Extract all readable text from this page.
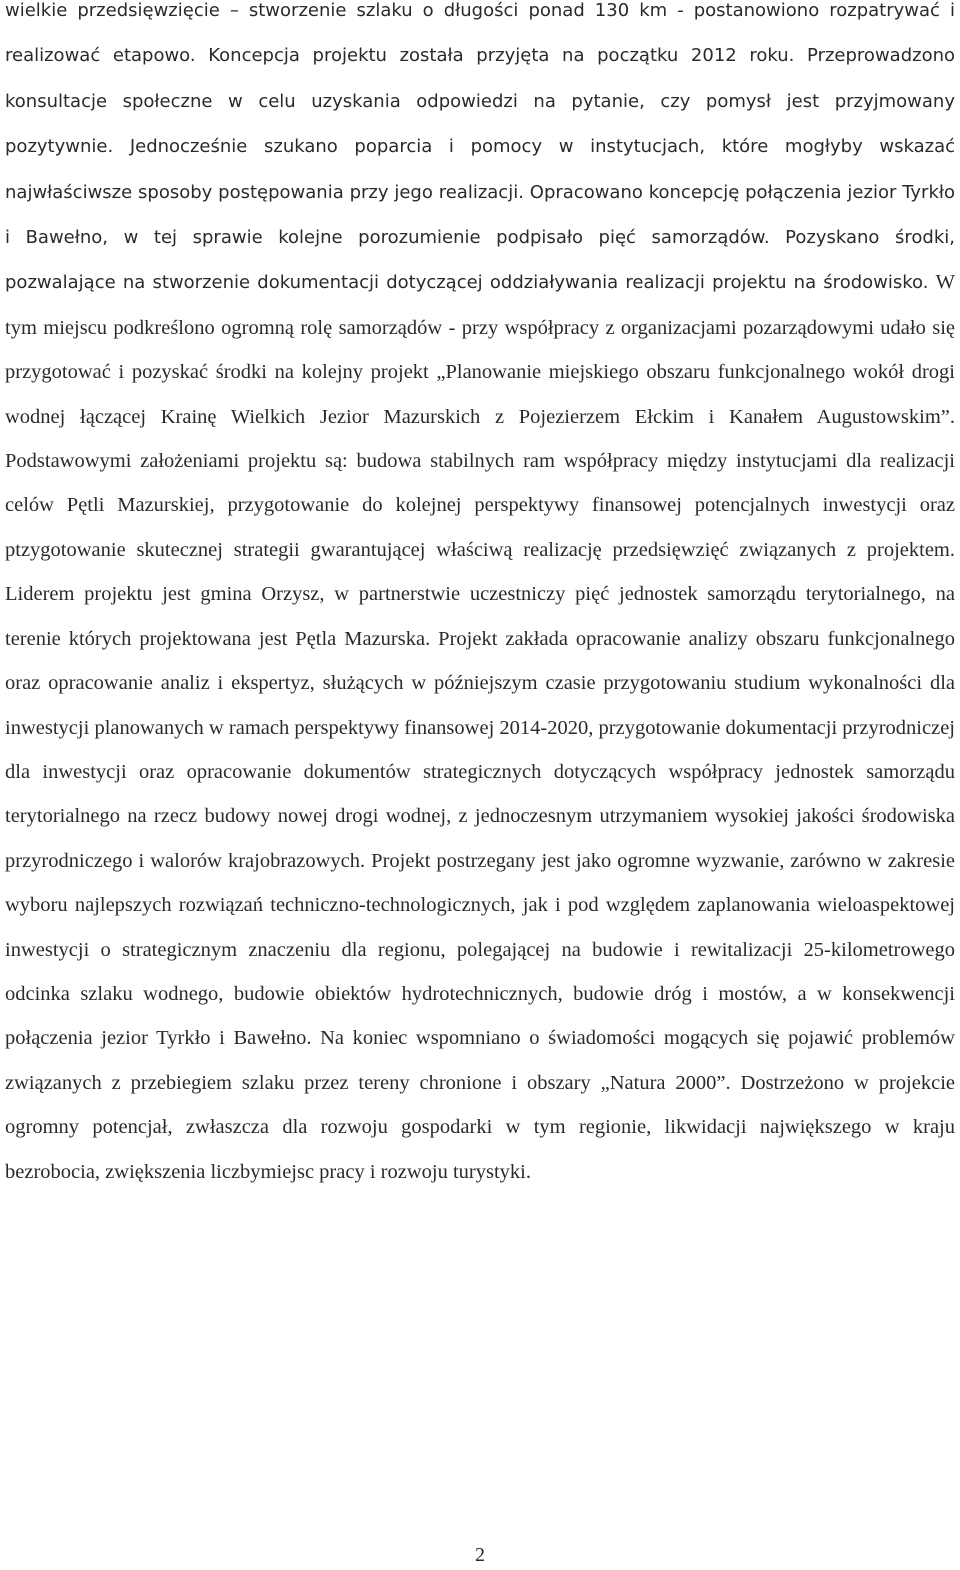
wielkie przedsięwzięcie – stworzenie szlaku o długości ponad 130 km - postanowiono rozpatrywać i realizować etapowo. Koncepcja projektu została przyjęta na początku 2012 roku. Przeprowadzono konsultacje społeczne w celu uzyskania odpowiedzi na pytanie, czy pomysł jest przyjmowany pozytywnie. Jednocześnie szukano poparcia i pomocy w instytucjach, które mogłyby wskazać najwłaściwsze sposoby postępowania przy jego realizacji. Opracowano koncepcję połączenia jezior Tyrkło i Bawełno, w tej sprawie kolejne porozumienie podpisało pięć samorządów. Pozyskano środki, pozwalające na stworzenie dokumentacji dotyczącej oddziaływania realizacji projektu na środowisko. W tym miejscu podkreślono ogromną rolę samorządów - przy współpracy z organizacjami pozarządowymi udało się przygotować i pozyskać środki na kolejny projekt „Planowanie miejskiego obszaru funkcjonalnego wokół drogi wodnej łączącej Krainę Wielkich Jezior Mazurskich z Pojezierzem Ełckim i Kanałem Augustowskim”. Podstawowymi założeniami projektu są: budowa stabilnych ram współpracy między instytucjami dla realizacji celów Pętli Mazurskiej, przygotowanie do kolejnej perspektywy finansowej potencjalnych inwestycji oraz ptzygotowanie skutecznej strategii gwarantującej właściwą realizację przedsięwzięć związanych z projektem. Liderem projektu jest gmina Orzysz, w partnerstwie uczestniczy pięć jednostek samorządu terytorialnego, na terenie których projektowana jest Pętla Mazurska. Projekt zakłada opracowanie analizy obszaru funkcjonalnego oraz opracowanie analiz i ekspertyz, służących w późniejszym czasie przygotowaniu studium wykonalności dla inwestycji planowanych w ramach perspektywy finansowej 2014-2020, przygotowanie dokumentacji przyrodniczej dla inwestycji oraz opracowanie dokumentów strategicznych dotyczących współpracy jednostek samorządu terytorialnego na rzecz budowy nowej drogi wodnej, z jednoczesnym utrzymaniem wysokiej jakości środowiska przyrodniczego i walorów krajobrazowych. Projekt postrzegany jest jako ogromne wyzwanie, zarówno w zakresie wyboru najlepszych rozwiązań techniczno-technologicznych, jak i pod względem zaplanowania wieloaspektowej inwestycji o strategicznym znaczeniu dla regionu, polegającej na budowie i rewitalizacji 25-kilometrowego odcinka szlaku wodnego, budowie obiektów hydrotechnicznych, budowie dróg i mostów, a w konsekwencji połączenia jezior Tyrkło i Bawełno. Na koniec wspomniano o świadomości mogących się pojawić problemów związanych z przebiegiem szlaku przez tereny chronione i obszary „Natura 2000”. Dostrzeżono w projekcie ogromny potencjał, zwłaszcza dla rozwoju gospodarki w tym regionie, likwidacji największego w kraju bezrobocia, zwiększenia liczbymiejsc pracy i rozwoju turystyki.

2
